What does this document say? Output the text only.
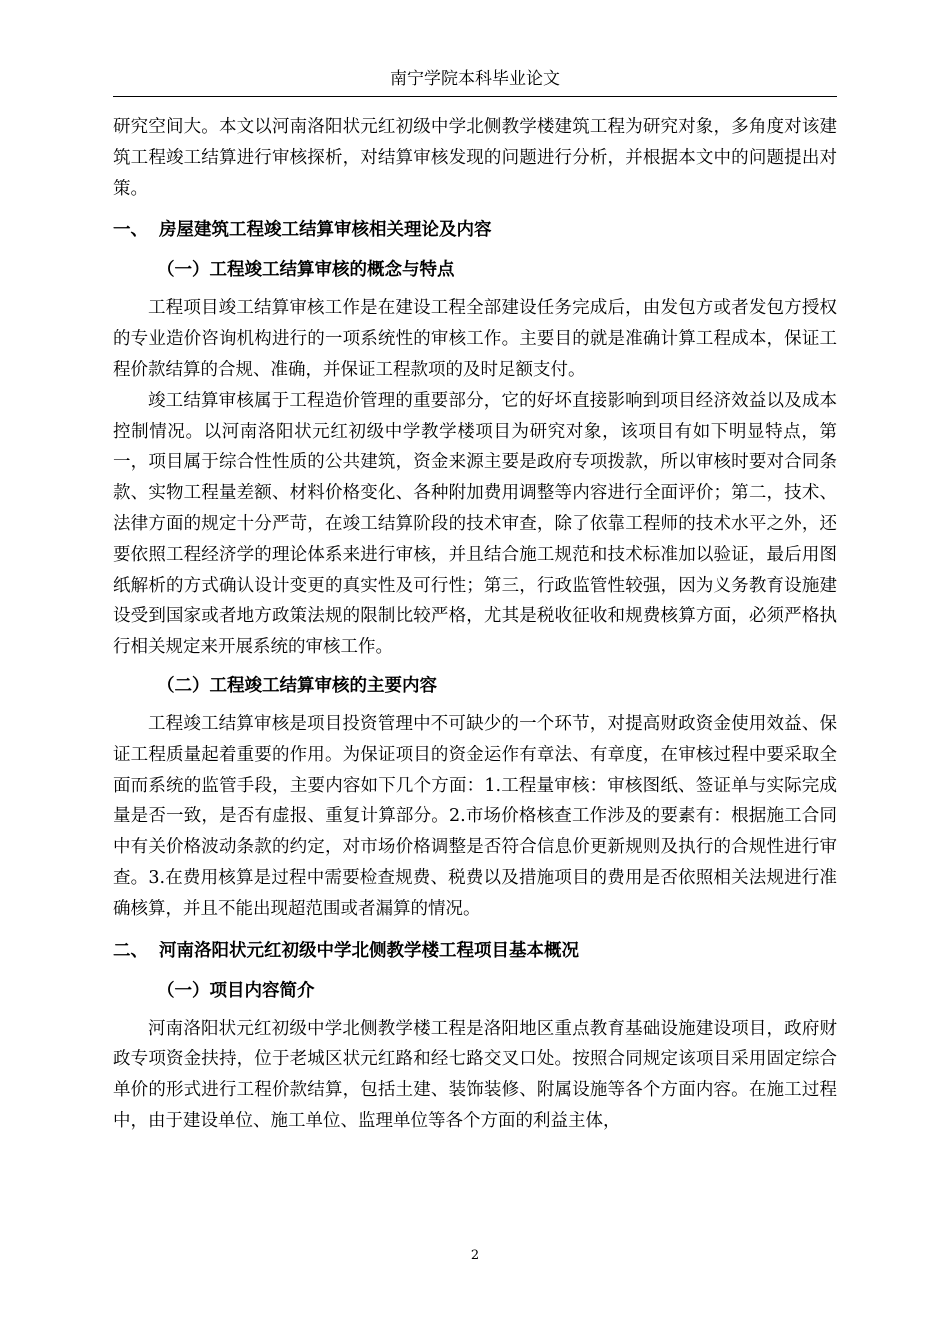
南宁学院本科毕业论文

研究空间大。本文以河南洛阳状元红初级中学北侧教学楼建筑工程为研究对象，多角度对该建筑工程竣工结算进行审核探析，对结算审核发现的问题进行分析，并根据本文中的问题提出对策。

一、 房屋建筑工程竣工结算审核相关理论及内容
（一）工程竣工结算审核的概念与特点

工程项目竣工结算审核工作是在建设工程全部建设任务完成后，由发包方或者发包方授权的专业造价咨询机构进行的一项系统性的审核工作。主要目的就是准确计算工程成本，保证工程价款结算的合规、准确，并保证工程款项的及时足额支付。

竣工结算审核属于工程造价管理的重要部分，它的好坏直接影响到项目经济效益以及成本控制情况。以河南洛阳状元红初级中学教学楼项目为研究对象，该项目有如下明显特点，第一，项目属于综合性性质的公共建筑，资金来源主要是政府专项拨款，所以审核时要对合同条款、实物工程量差额、材料价格变化、各种附加费用调整等内容进行全面评价；第二，技术、法律方面的规定十分严苛，在竣工结算阶段的技术审查，除了依靠工程师的技术水平之外，还要依照工程经济学的理论体系来进行审核，并且结合施工规范和技术标准加以验证，最后用图纸解析的方式确认设计变更的真实性及可行性；第三，行政监管性较强，因为义务教育设施建设受到国家或者地方政策法规的限制比较严格，尤其是税收征收和规费核算方面，必须严格执行相关规定来开展系统的审核工作。

（二）工程竣工结算审核的主要内容

工程竣工结算审核是项目投资管理中不可缺少的一个环节，对提高财政资金使用效益、保证工程质量起着重要的作用。为保证项目的资金运作有章法、有章度，在审核过程中要采取全面而系统的监管手段，主要内容如下几个方面：1.工程量审核：审核图纸、签证单与实际完成量是否一致，是否有虚报、重复计算部分。2.市场价格核查工作涉及的要素有：根据施工合同中有关价格波动条款的约定，对市场价格调整是否符合信息价更新规则及执行的合规性进行审查。3.在费用核算是过程中需要检查规费、税费以及措施项目的费用是否依照相关法规进行准确核算，并且不能出现超范围或者漏算的情况。

二、 河南洛阳状元红初级中学北侧教学楼工程项目基本概况
（一）项目内容简介

河南洛阳状元红初级中学北侧教学楼工程是洛阳地区重点教育基础设施建设项目，政府财政专项资金扶持，位于老城区状元红路和经七路交叉口处。按照合同规定该项目采用固定综合单价的形式进行工程价款结算，包括土建、装饰装修、附属设施等各个方面内容。在施工过程中，由于建设单位、施工单位、监理单位等各个方面的利益主体，

2
